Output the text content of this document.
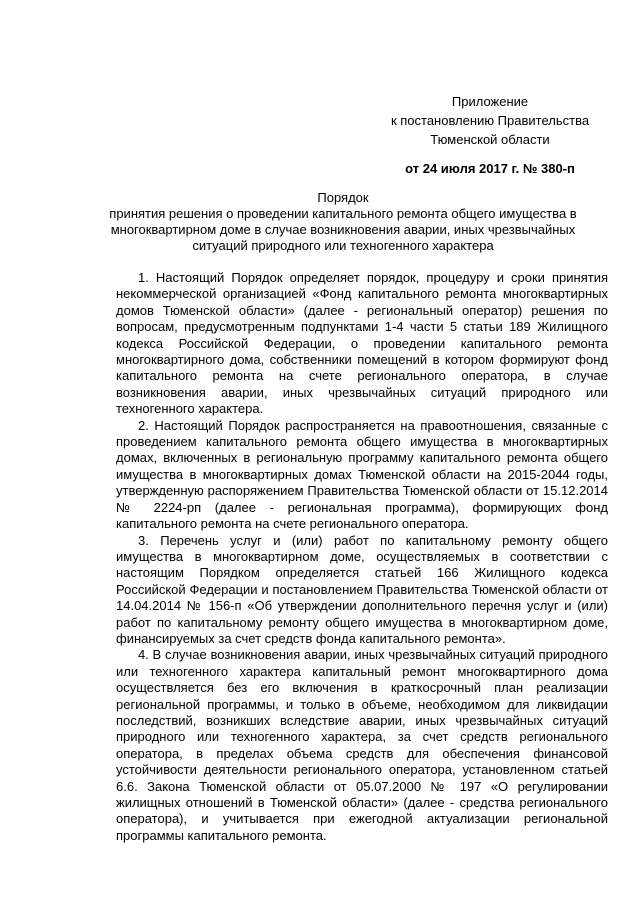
Приложение
к постановлению Правительства
Тюменской области
от 24 июля 2017 г. № 380-п
Порядок
принятия решения о проведении капитального ремонта общего имущества в многоквартирном доме в случае возникновения аварии, иных чрезвычайных ситуаций природного или техногенного характера

1. Настоящий Порядок определяет порядок, процедуру и сроки принятия некоммерческой организацией «Фонд капитального ремонта многоквартирных домов Тюменской области» (далее - региональный оператор) решения по вопросам, предусмотренным подпунктами 1-4 части 5 статьи 189 Жилищного кодекса Российской Федерации, о проведении капитального ремонта многоквартирного дома, собственники помещений в котором формируют фонд капитального ремонта на счете регионального оператора, в случае возникновения аварии, иных чрезвычайных ситуаций природного или техногенного характера.

2. Настоящий Порядок распространяется на правоотношения, связанные с проведением капитального ремонта общего имущества в многоквартирных домах, включенных в региональную программу капитального ремонта общего имущества в многоквартирных домах Тюменской области на 2015-2044 годы, утвержденную распоряжением Правительства Тюменской области от 15.12.2014 № 2224-рп (далее - региональная программа), формирующих фонд капитального ремонта на счете регионального оператора.

3. Перечень услуг и (или) работ по капитальному ремонту общего имущества в многоквартирном доме, осуществляемых в соответствии с настоящим Порядком определяется статьей 166 Жилищного кодекса Российской Федерации и постановлением Правительства Тюменской области от 14.04.2014 № 156-п «Об утверждении дополнительного перечня услуг и (или) работ по капитальному ремонту общего имущества в многоквартирном доме, финансируемых за счет средств фонда капитального ремонта».

4. В случае возникновения аварии, иных чрезвычайных ситуаций природного или техногенного характера капитальный ремонт многоквартирного дома осуществляется без его включения в краткосрочный план реализации региональной программы, и только в объеме, необходимом для ликвидации последствий, возникших вследствие аварии, иных чрезвычайных ситуаций природного или техногенного характера, за счет средств регионального оператора, в пределах объема средств для обеспечения финансовой устойчивости деятельности регионального оператора, установленном статьей 6.6. Закона Тюменской области от 05.07.2000 № 197 «О регулировании жилищных отношений в Тюменской области» (далее - средства регионального оператора), и учитывается при ежегодной актуализации региональной программы капитального ремонта.
